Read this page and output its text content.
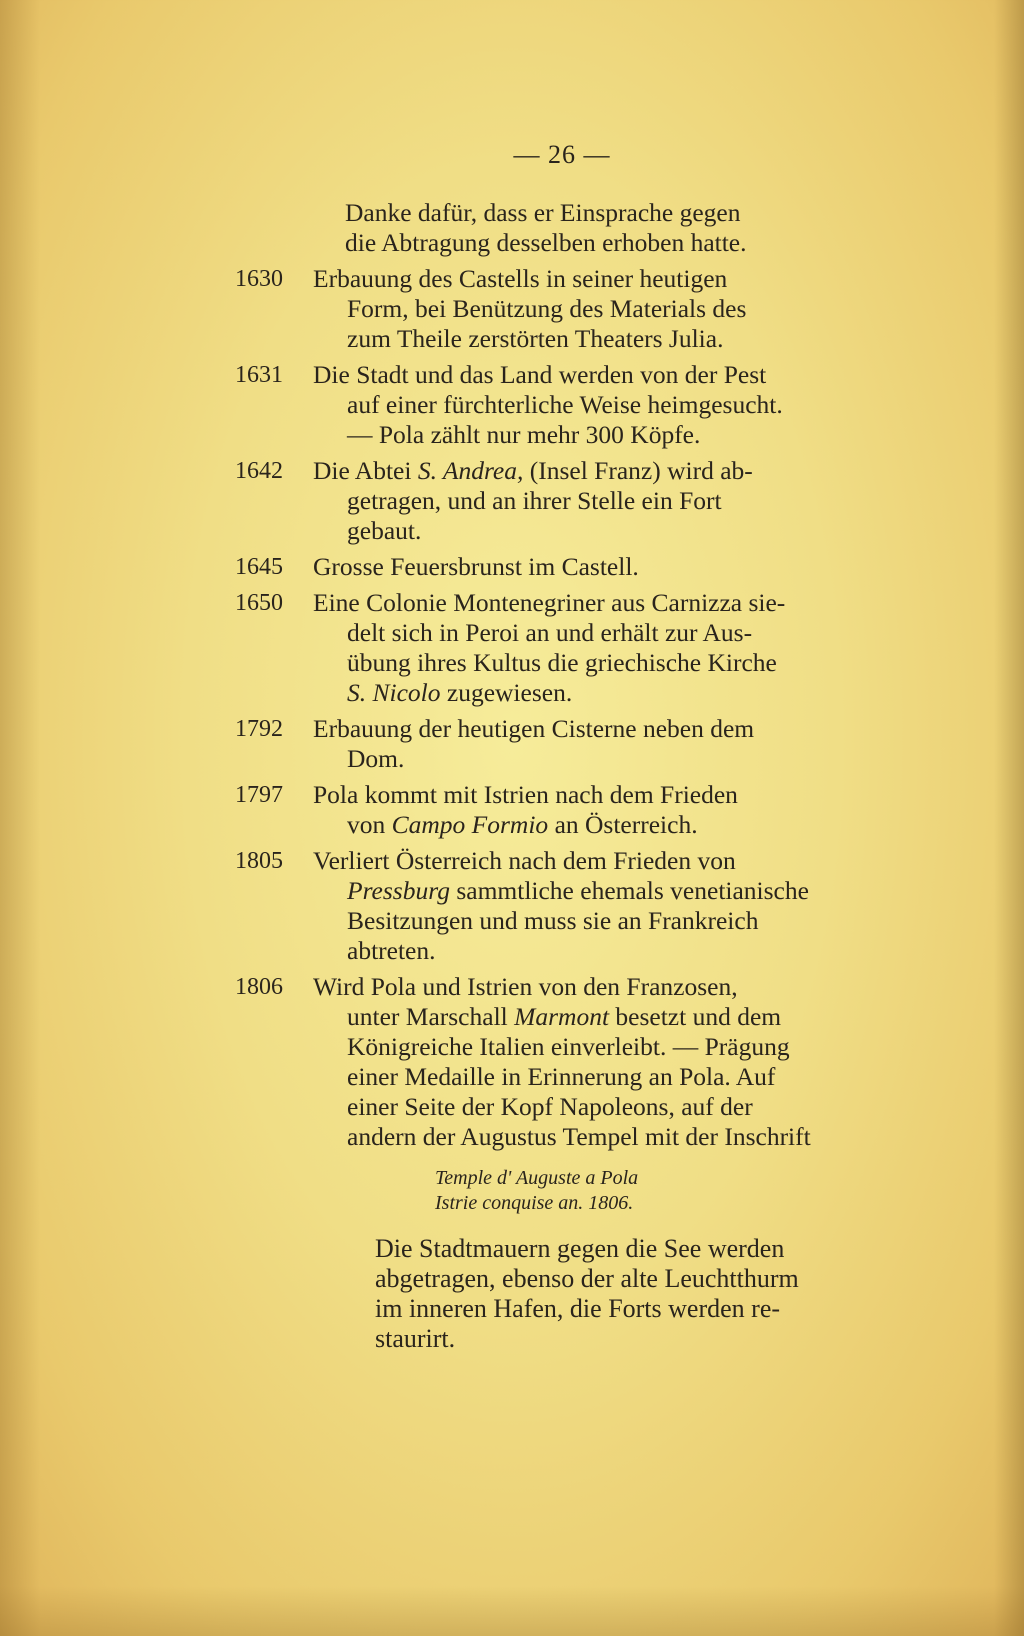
— 26 —
Danke dafür, dass er Einsprache gegen
die Abtragung desselben erhoben hatte.
1630	Erbauung des Castells in seiner heutigen
Form, bei Benützung des Materials des
zum Theile zerstörten Theaters Julia.
1631	Die Stadt und das Land werden von der Pest
auf einer fürchterliche Weise heimgesucht.
— Pola zählt nur mehr 300 Köpfe.
1642	Die Abtei S. Andrea, (Insel Franz) wird ab-
getragen, und an ihrer Stelle ein Fort
gebaut.
1645	Grosse Feuersbrunst im Castell.
1650	Eine Colonie Montenegriner aus Carnizza sie-
delt sich in Peroi an und erhält zur Aus-
übung ihres Kultus die griechische Kirche
S. Nicolo zugewiesen.
1792	Erbauung der heutigen Cisterne neben dem
Dom.
1797	Pola kommt mit Istrien nach dem Frieden
von Campo Formio an Österreich.
1805	Verliert Österreich nach dem Frieden von
Pressburg sammtliche ehemals venetianische
Besitzungen und muss sie an Frankreich
abtreten.
1806	Wird Pola und Istrien von den Franzosen,
unter Marschall Marmont besetzt und dem
Königreiche Italien einverleibt. — Prägung
einer Medaille in Erinnerung an Pola. Auf
einer Seite der Kopf Napoleons, auf der
andern der Augustus Tempel mit der Inschrift
Temple d' Auguste a Pola
Istrie conquise an. 1806.
Die Stadtmauern gegen die See werden
abgetragen, ebenso der alte Leuchtthurm
im inneren Hafen, die Forts werden re-
staurirt.
